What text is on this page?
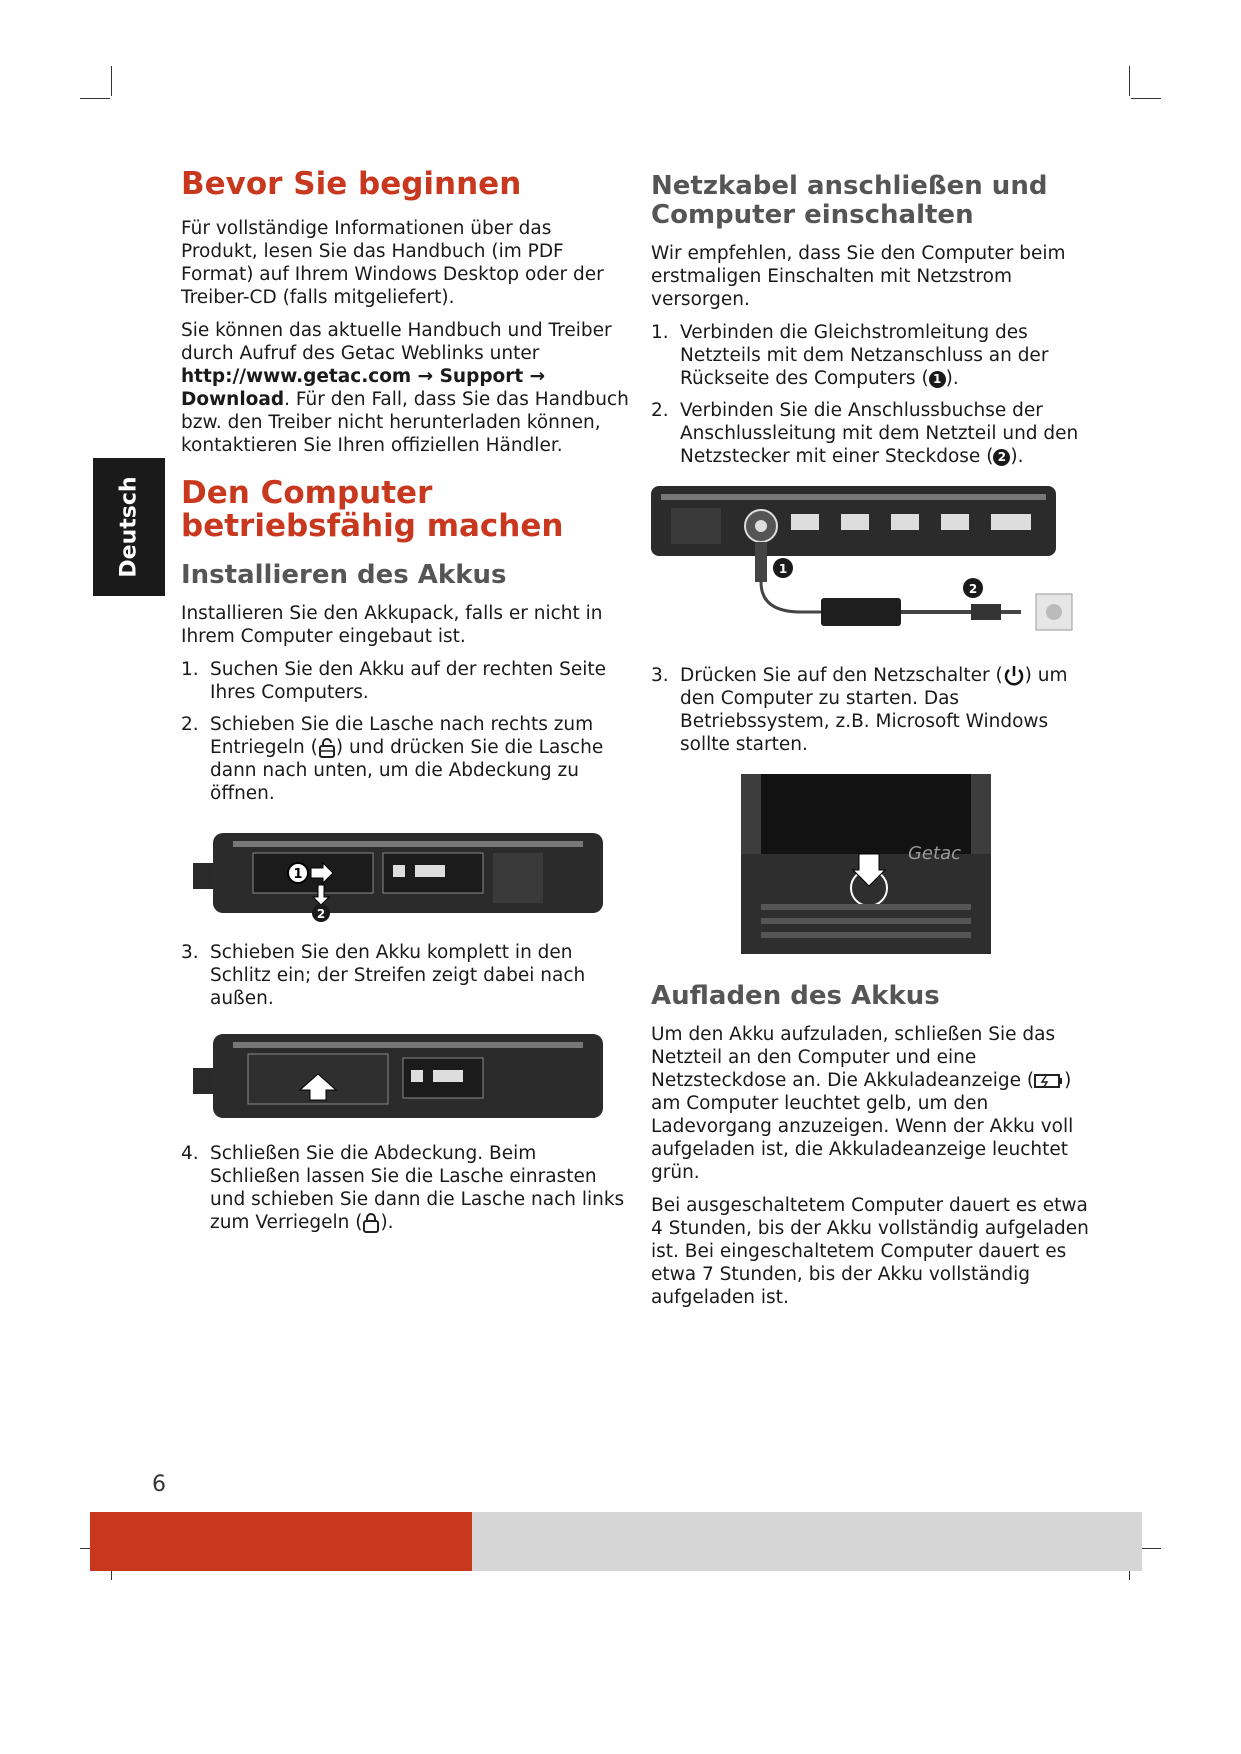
Deutsch
Bevor Sie beginnen

Für vollständige Informationen über das Produkt, lesen Sie das Handbuch (im PDF Format) auf Ihrem Windows Desktop oder der Treiber-CD (falls mitgeliefert).

Sie können das aktuelle Handbuch und Treiber durch Aufruf des Getac Weblinks unter http://www.getac.com → Support → Download. Für den Fall, dass Sie das Handbuch bzw. den Treiber nicht herunterladen können, kontaktieren Sie Ihren offiziellen Händler.

Den Computer betriebsfähig machen
Installieren des Akkus

Installieren Sie den Akkupack, falls er nicht in Ihrem Computer eingebaut ist.

1. Suchen Sie den Akku auf der rechten Seite Ihres Computers.
2. Schieben Sie die Lasche nach rechts zum Entriegeln ( ) und drücken Sie die Lasche dann nach unten, um die Abdeckung zu öffnen.
1
2
3. Schieben Sie den Akku komplett in den Schlitz ein; der Streifen zeigt dabei nach außen.
4. Schließen Sie die Abdeckung. Beim Schließen lassen Sie die Lasche einrasten und schieben Sie dann die Lasche nach links zum Verriegeln ( ).
Netzkabel anschließen und Computer einschalten

Wir empfehlen, dass Sie den Computer beim erstmaligen Einschalten mit Netzstrom versorgen.

1. Verbinden die Gleichstromleitung des Netzteils mit dem Netzanschluss an der Rückseite des Computers ( 1 ).
2. Verbinden Sie die Anschlussbuchse der Anschlussleitung mit dem Netzteil und den Netzstecker mit einer Steckdose ( 2 ).
1
2
3. Drücken Sie auf den Netzschalter ( ) um den Computer zu starten. Das Betriebssystem, z.B. Microsoft Windows sollte starten.
Getac
Aufladen des Akkus

Um den Akku aufzuladen, schließen Sie das Netzteil an den Computer und eine Netzsteckdose an. Die Akkuladeanzeige ( ) am Computer leuchtet gelb, um den Ladevorgang anzuzeigen. Wenn der Akku voll aufgeladen ist, die Akkuladeanzeige leuchtet grün.

Bei ausgeschaltetem Computer dauert es etwa 4 Stunden, bis der Akku vollständig aufgeladen ist. Bei eingeschaltetem Computer dauert es etwa 7 Stunden, bis der Akku vollständig aufgeladen ist.

6
